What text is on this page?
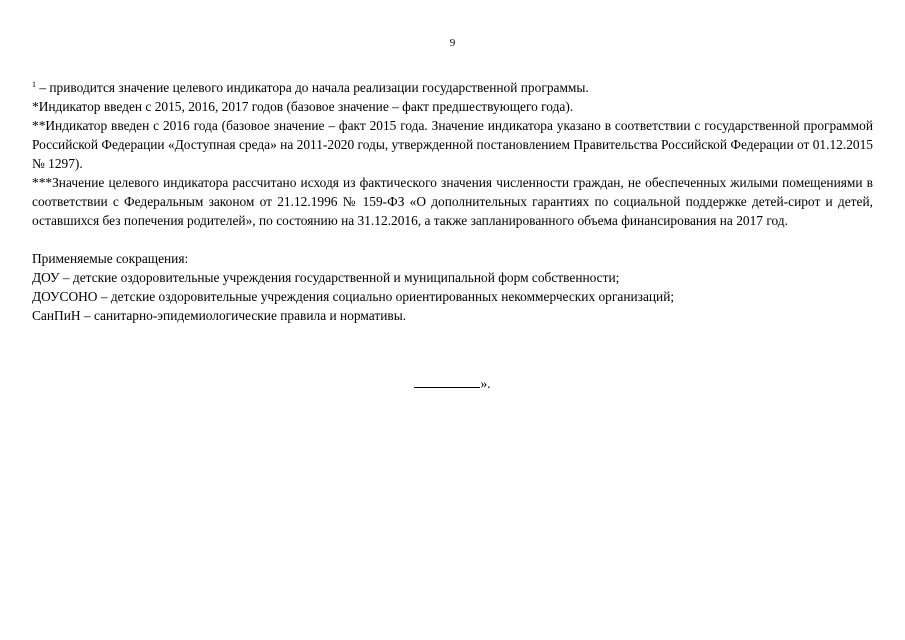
9

$^1$ – приводится значение целевого индикатора до начала реализации государственной программы.

*Индикатор введен с 2015, 2016, 2017 годов (базовое значение – факт предшествующего года).

**Индикатор введен с 2016 года (базовое значение – факт 2015 года. Значение индикатора указано в соответствии с государственной программой Российской Федерации «Доступная среда» на 2011-2020 годы, утвержденной постановлением Правительства Российской Федерации от 01.12.2015 № 1297).

***Значение целевого индикатора рассчитано исходя из фактического значения численности граждан, не обеспеченных жилыми помещениями в соответствии с Федеральным законом от 21.12.1996 № 159-ФЗ «О дополнительных гарантиях по социальной поддержке детей-сирот и детей, оставшихся без попечения родителей», по состоянию на 31.12.2016, а также запланированного объема финансирования на 2017 год.

Применяемые сокращения:

ДОУ – детские оздоровительные учреждения государственной и муниципальной форм собственности;

ДОУСОНО – детские оздоровительные учреждения социально ориентированных некоммерческих организаций;

СанПиН – санитарно-эпидемиологические правила и нормативы.

».
